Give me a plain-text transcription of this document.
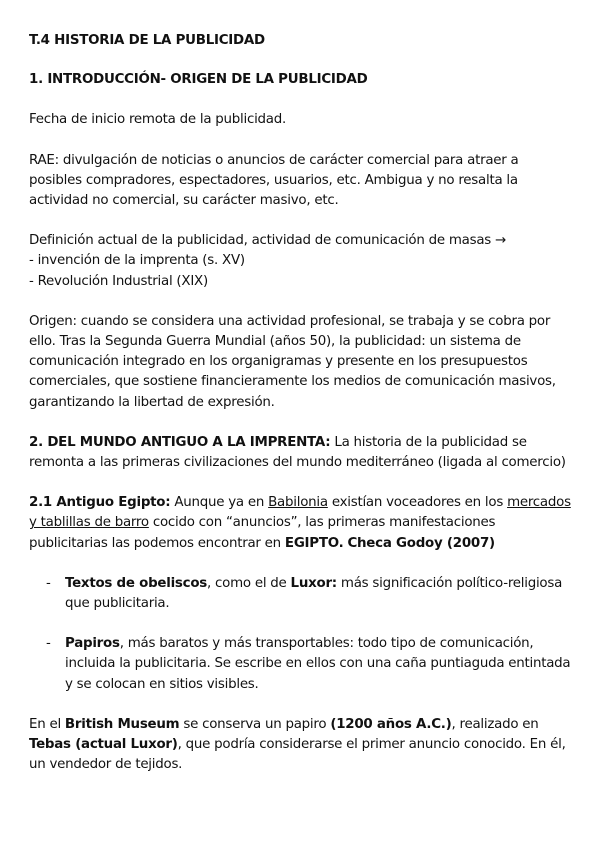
T.4 HISTORIA DE LA PUBLICIDAD

1. INTRODUCCIÓN- ORIGEN DE LA PUBLICIDAD

Fecha de inicio remota de la publicidad.

RAE: divulgación de noticias o anuncios de carácter comercial para atraer a posibles compradores, espectadores, usuarios, etc. Ambigua y no resalta la actividad no comercial, su carácter masivo, etc.

Definición actual de la publicidad, actividad de comunicación de masas →

- invención de la imprenta (s. XV)

- Revolución Industrial (XIX)

Origen: cuando se considera una actividad profesional, se trabaja y se cobra por ello. Tras la Segunda Guerra Mundial (años 50), la publicidad: un sistema de comunicación integrado en los organigramas y presente en los presupuestos comerciales, que sostiene financieramente los medios de comunicación masivos, garantizando la libertad de expresión.

2. DEL MUNDO ANTIGUO A LA IMPRENTA: La historia de la publicidad se remonta a las primeras civilizaciones del mundo mediterráneo (ligada al comercio)

2.1 Antiguo Egipto: Aunque ya en Babilonia existían voceadores en los mercados y tablillas de barro cocido con “anuncios”, las primeras manifestaciones publicitarias las podemos encontrar en EGIPTO. Checa Godoy (2007)

- Textos de obeliscos, como el de Luxor: más significación político-religiosa que publicitaria.
- Papiros, más baratos y más transportables: todo tipo de comunicación, incluida la publicitaria. Se escribe en ellos con una caña puntiaguda entintada y se colocan en sitios visibles.

En el British Museum se conserva un papiro (1200 años A.C.), realizado en Tebas (actual Luxor), que podría considerarse el primer anuncio conocido. En él, un vendedor de tejidos.
